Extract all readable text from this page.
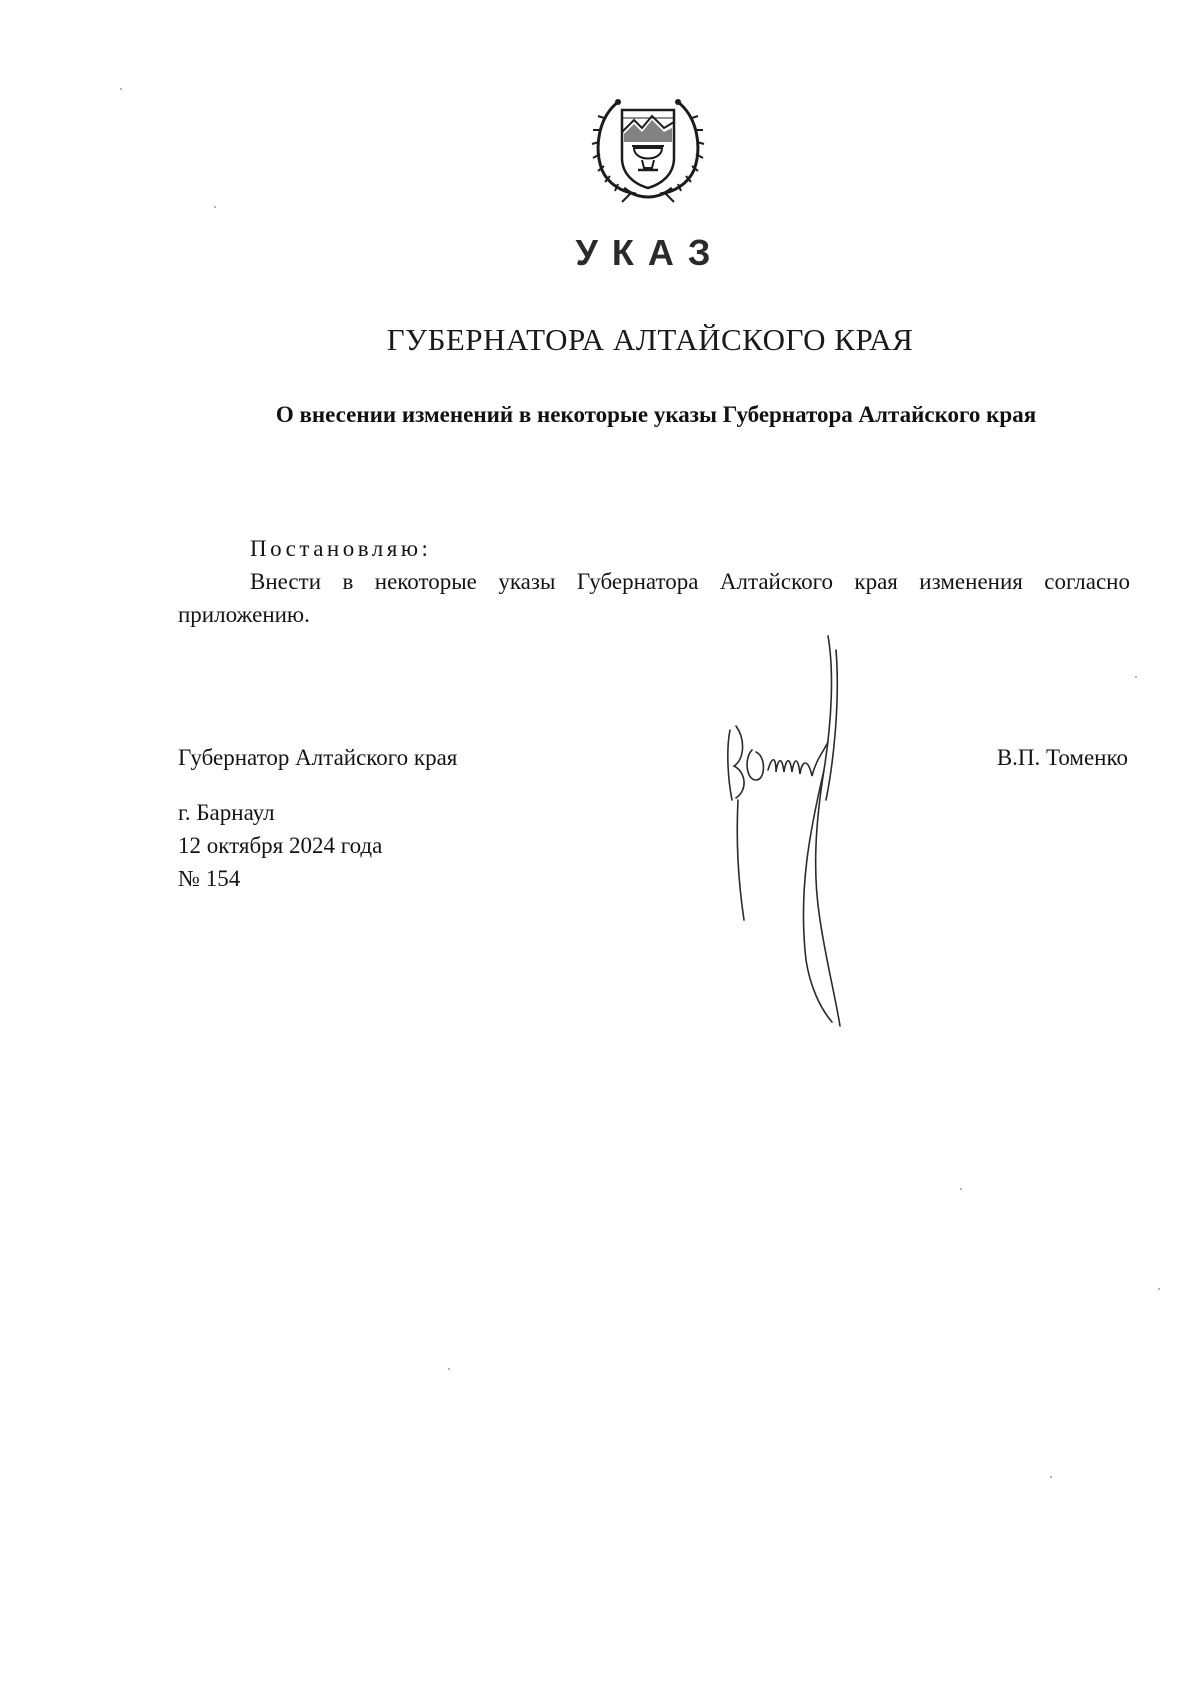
УКАЗ
ГУБЕРНАТОРА АЛТАЙСКОГО КРАЯ
О внесении изменений в некоторые указы Губернатора Алтайского края
Постановляю:

Внести в некоторые указы Губернатора Алтайского края изменения согласно приложению.

Губернатор Алтайского края	В.П. Томенко
г. Барнаул
12 октября 2024 года
№ 154
